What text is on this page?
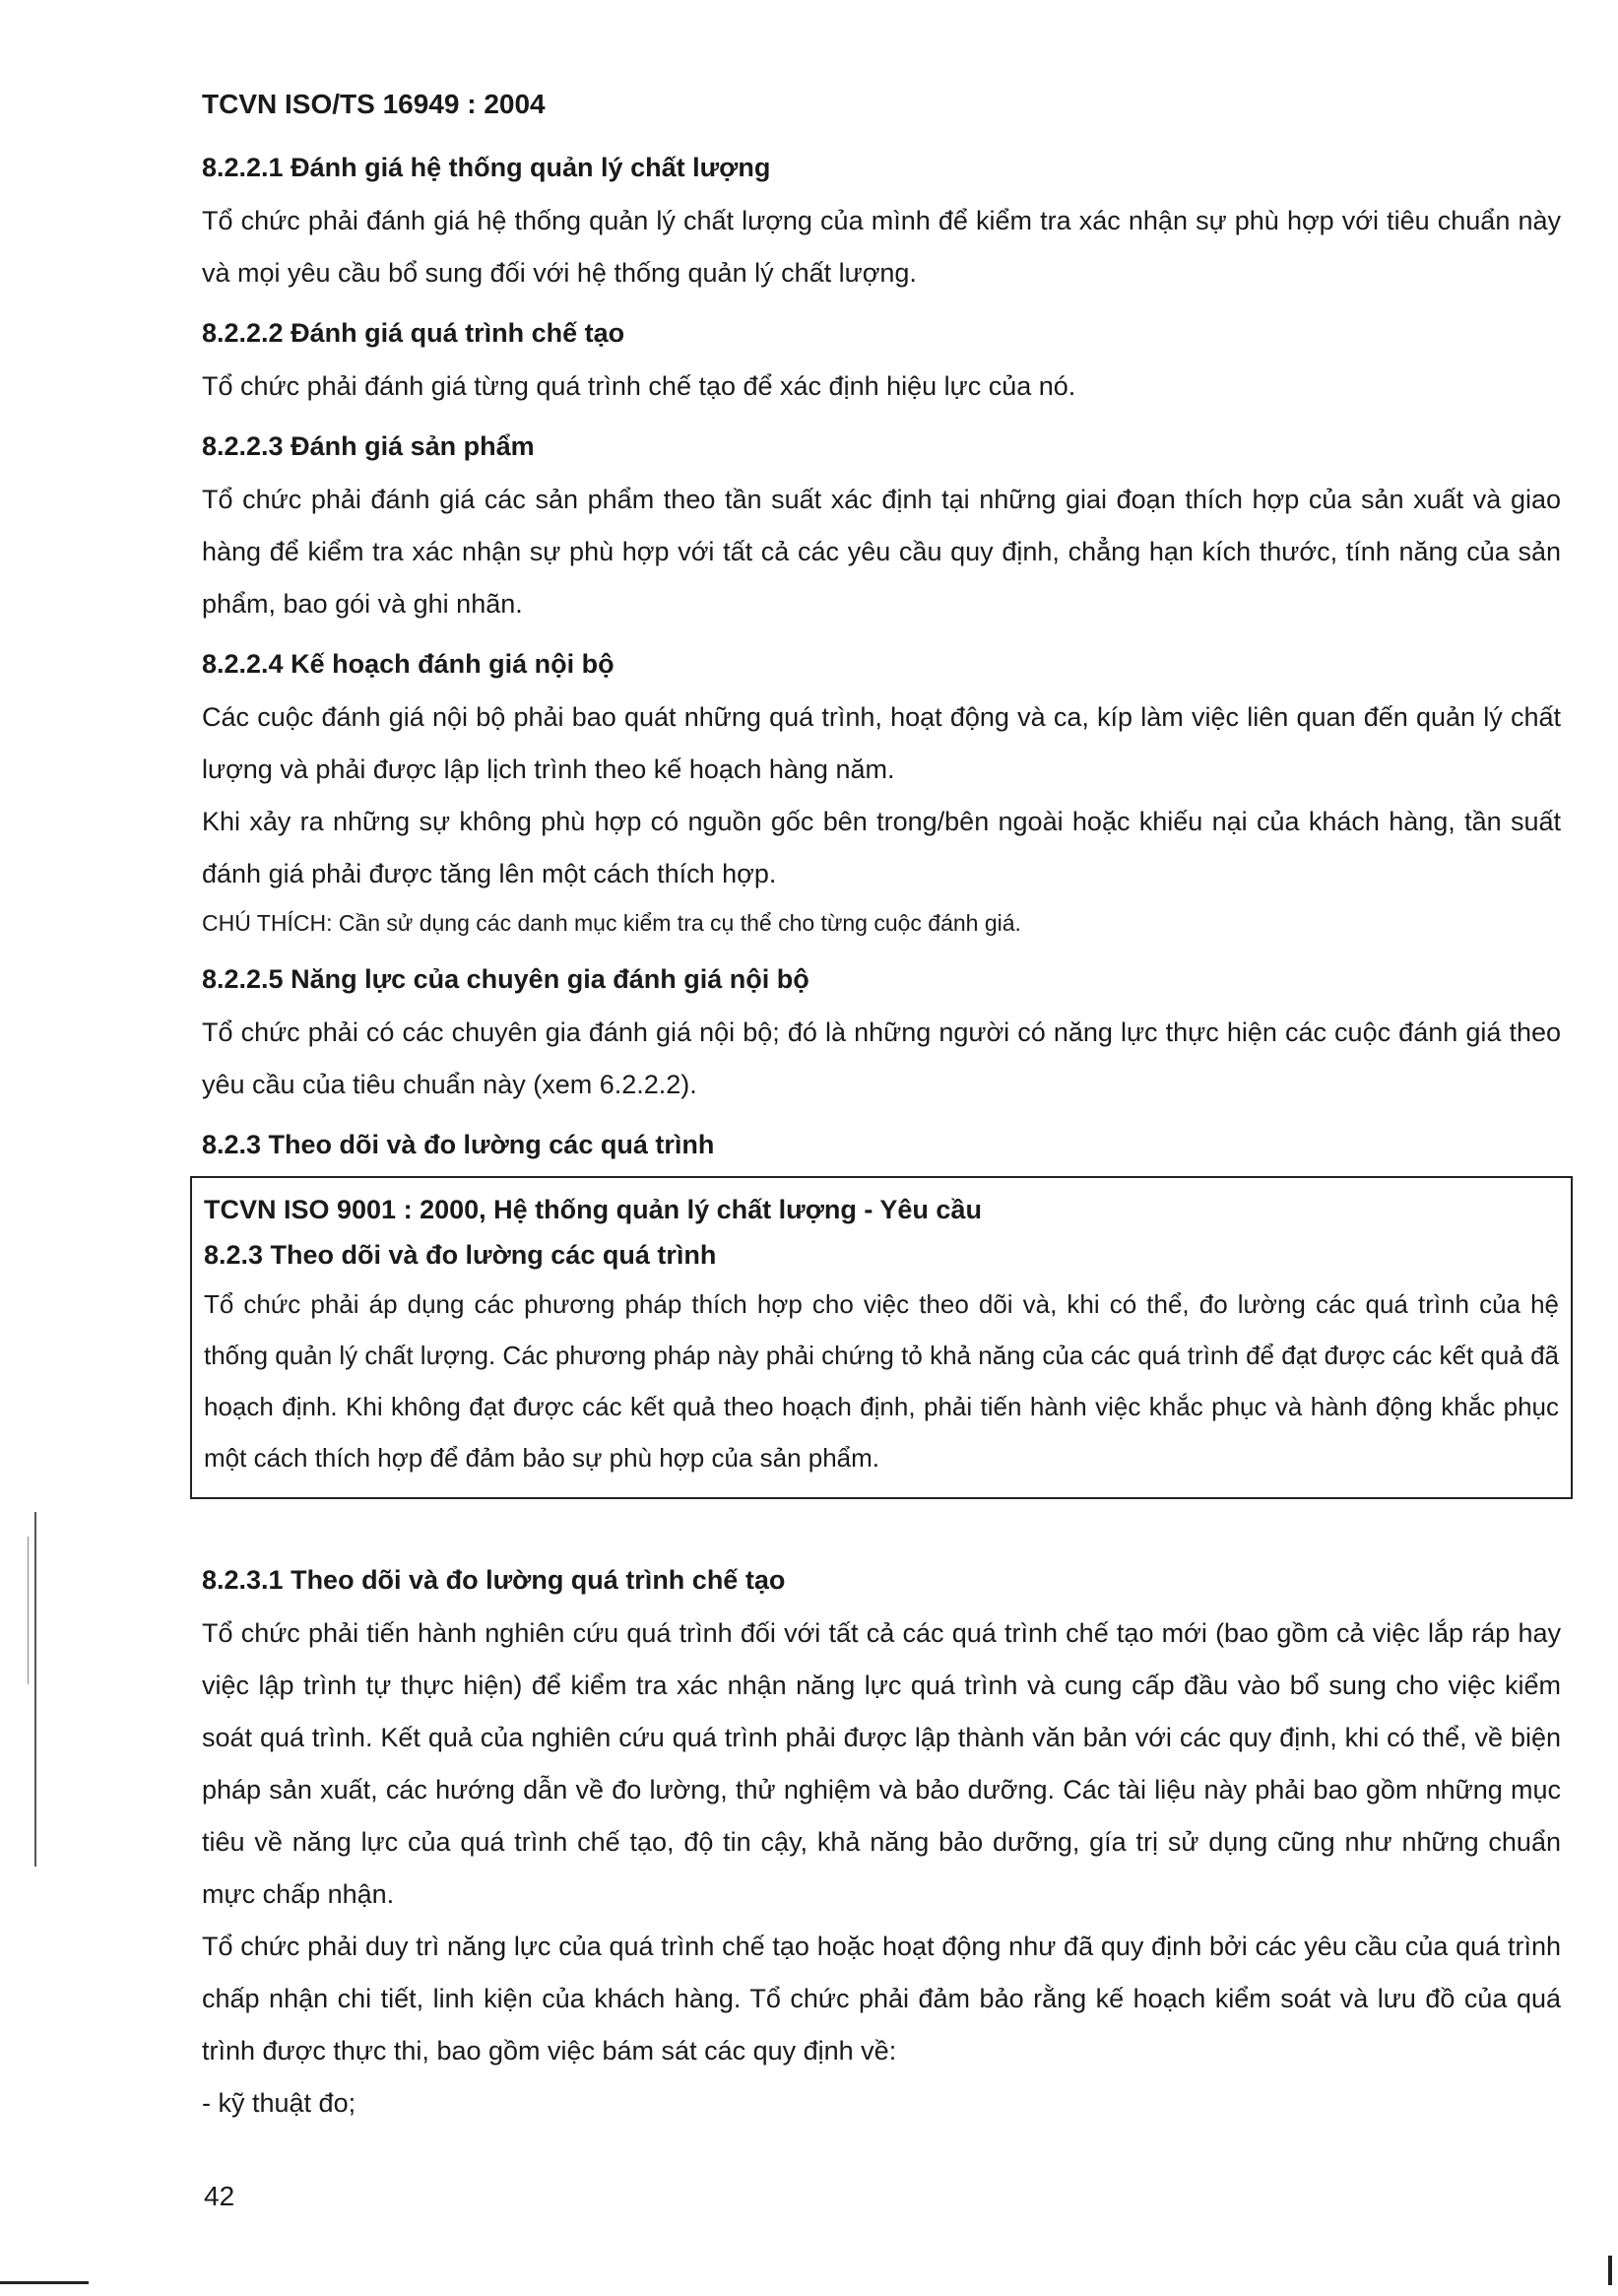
TCVN ISO/TS 16949 : 2004
8.2.2.1 Đánh giá hệ thống quản lý chất lượng

Tổ chức phải đánh giá hệ thống quản lý chất lượng của mình để kiểm tra xác nhận sự phù hợp với tiêu chuẩn này và mọi yêu cầu bổ sung đối với hệ thống quản lý chất lượng.

8.2.2.2 Đánh giá quá trình chế tạo

Tổ chức phải đánh giá từng quá trình chế tạo để xác định hiệu lực của nó.

8.2.2.3 Đánh giá sản phẩm

Tổ chức phải đánh giá các sản phẩm theo tần suất xác định tại những giai đoạn thích hợp của sản xuất và giao hàng để kiểm tra xác nhận sự phù hợp với tất cả các yêu cầu quy định, chẳng hạn kích thước, tính năng của sản phẩm, bao gói và ghi nhãn.

8.2.2.4 Kế hoạch đánh giá nội bộ

Các cuộc đánh giá nội bộ phải bao quát những quá trình, hoạt động và ca, kíp làm việc liên quan đến quản lý chất lượng và phải được lập lịch trình theo kế hoạch hàng năm.

Khi xảy ra những sự không phù hợp có nguồn gốc bên trong/bên ngoài hoặc khiếu nại của khách hàng, tần suất đánh giá phải được tăng lên một cách thích hợp.

CHÚ THÍCH: Cần sử dụng các danh mục kiểm tra cụ thể cho từng cuộc đánh giá.

8.2.2.5 Năng lực của chuyên gia đánh giá nội bộ

Tổ chức phải có các chuyên gia đánh giá nội bộ; đó là những người có năng lực thực hiện các cuộc đánh giá theo yêu cầu của tiêu chuẩn này (xem 6.2.2.2).

8.2.3 Theo dõi và đo lường các quá trình
TCVN ISO 9001 : 2000, Hệ thống quản lý chất lượng - Yêu cầu
8.2.3 Theo dõi và đo lường các quá trình

Tổ chức phải áp dụng các phương pháp thích hợp cho việc theo dõi và, khi có thể, đo lường các quá trình của hệ thống quản lý chất lượng. Các phương pháp này phải chứng tỏ khả năng của các quá trình để đạt được các kết quả đã hoạch định. Khi không đạt được các kết quả theo hoạch định, phải tiến hành việc khắc phục và hành động khắc phục một cách thích hợp để đảm bảo sự phù hợp của sản phẩm.

8.2.3.1 Theo dõi và đo lường quá trình chế tạo

Tổ chức phải tiến hành nghiên cứu quá trình đối với tất cả các quá trình chế tạo mới (bao gồm cả việc lắp ráp hay việc lập trình tự thực hiện) để kiểm tra xác nhận năng lực quá trình và cung cấp đầu vào bổ sung cho việc kiểm soát quá trình. Kết quả của nghiên cứu quá trình phải được lập thành văn bản với các quy định, khi có thể, về biện pháp sản xuất, các hướng dẫn về đo lường, thử nghiệm và bảo dưỡng. Các tài liệu này phải bao gồm những mục tiêu về năng lực của quá trình chế tạo, độ tin cậy, khả năng bảo dưỡng, gía trị sử dụng cũng như những chuẩn mực chấp nhận.

Tổ chức phải duy trì năng lực của quá trình chế tạo hoặc hoạt động như đã quy định bởi các yêu cầu của quá trình chấp nhận chi tiết, linh kiện của khách hàng. Tổ chức phải đảm bảo rằng kế hoạch kiểm soát và lưu đồ của quá trình được thực thi, bao gồm việc bám sát các quy định về:

- kỹ thuật đo;

42
